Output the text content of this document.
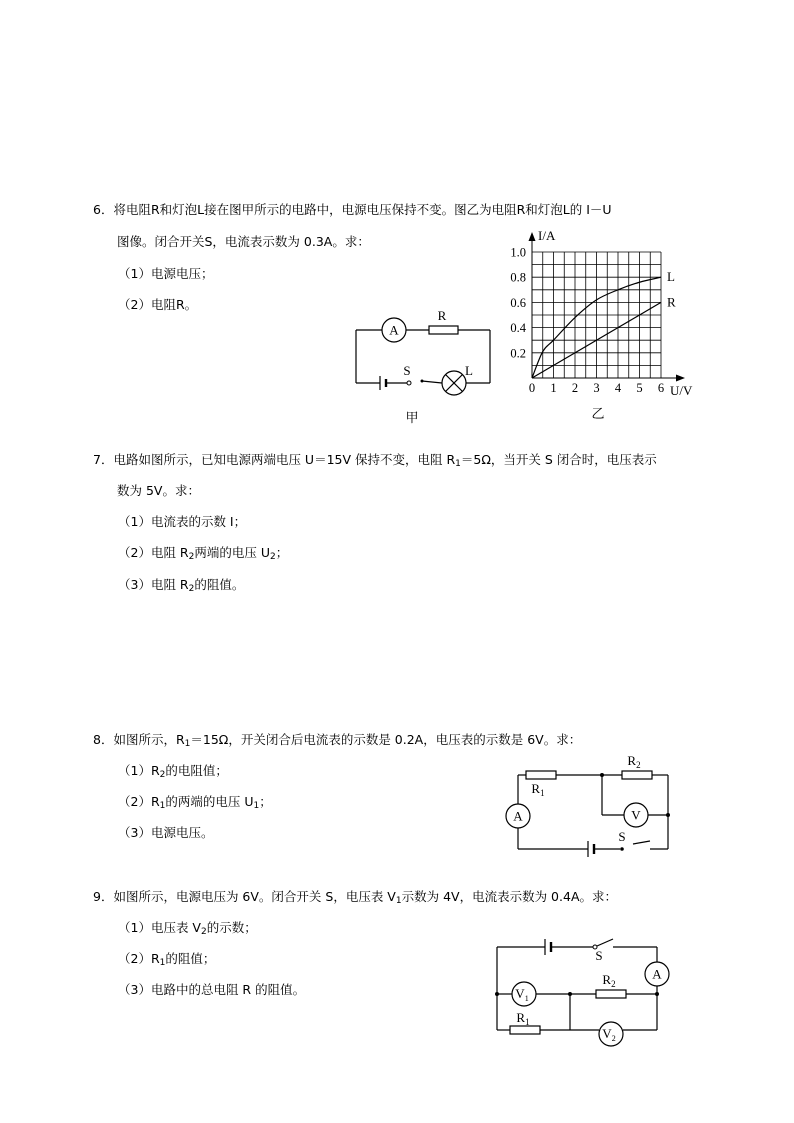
6．将电阻R和灯泡L接在图甲所示的电路中，电源电压保持不变。图乙为电阻R和灯泡L的 I－U
图像。闭合开关S，电流表示数为 0.3A。求：
（1）电源电压；
（2）电阻R。
A
R
S	L
甲
I/A
U/V
0 1 2 3 4 5 6
0.2
0.4
0.6
0.8
1.0
L
R
乙
7．电路如图所示，已知电源两端电压 U＝15V 保持不变，电阻 $R_1=5\Omega$，当开关 S 闭合时，电压表示
数为 5V。求：
（1）电流表的示数 I；
（2）电阻 $R_2$两端的电压 $U_2$；
（3）电阻 $R_2$的阻值。
8．如图所示，$R_1=15\Omega$，开关闭合后电流表的示数是 0.2A，电压表的示数是 6V。求：
$(1)R_2$的电阻值；
$(2)R_1$的两端的电压 $U_1$；
（3）电源电压。
$R_1$
$R_2$
V
A
S
9．如图所示，电源电压为 6V。闭合开关 S，电压表 $V_1$示数为 4V，电流表示数为 0.4A。求：
（1）电压表 $V_2$的示数；
$(2)R_1$的阻值；
（3）电路中的总电阻 R 的阻值。
S
A
$V_1$
$R_2$
$R_1$
$V_2$
